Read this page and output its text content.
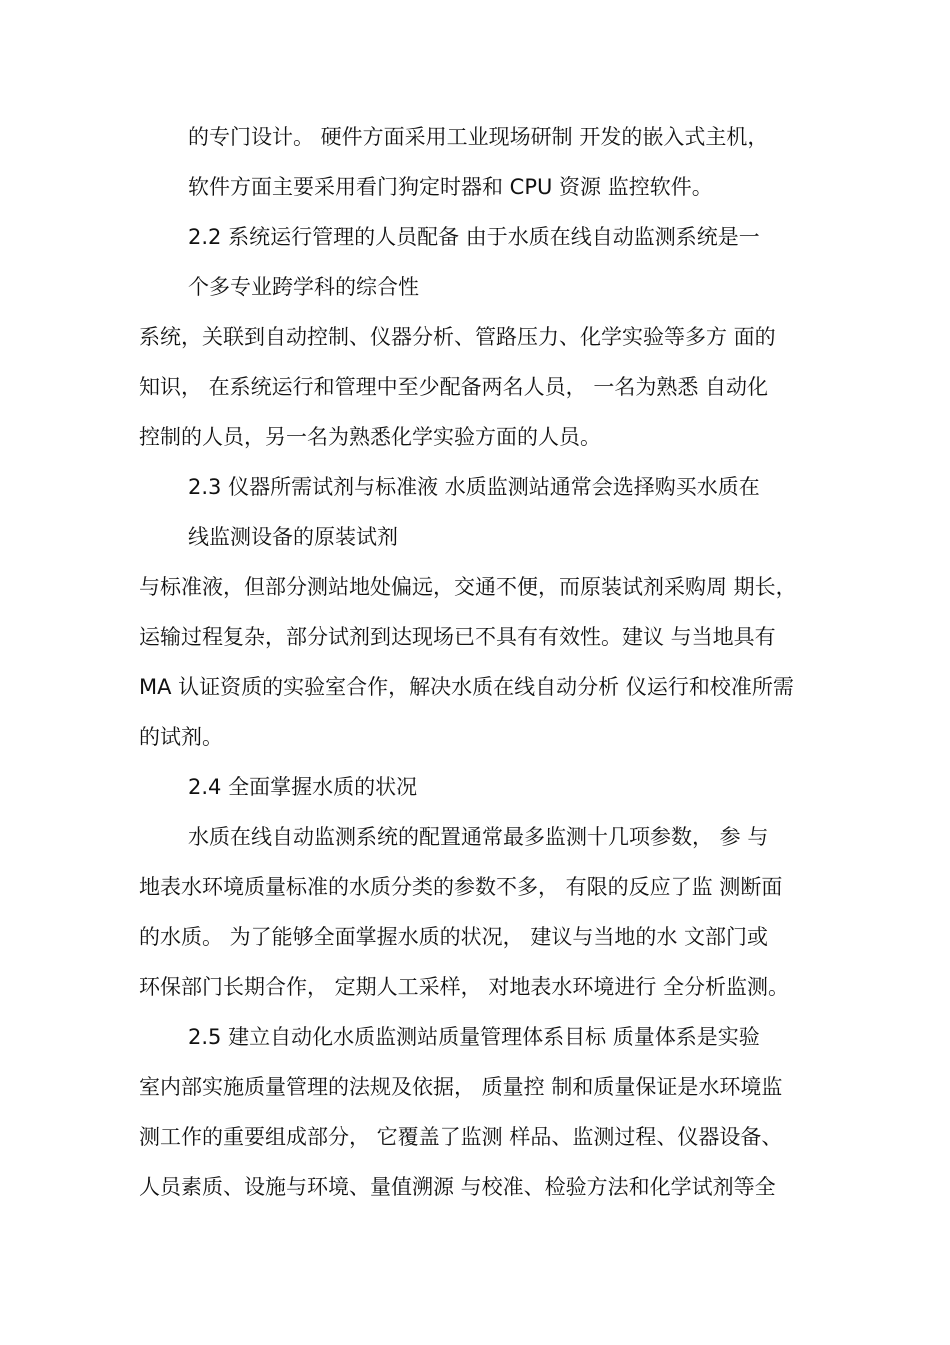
的专门设计。 硬件方面采用工业现场研制 开发的嵌入式主机，
软件方面主要采用看门狗定时器和 CPU 资源 监控软件。
2.2 系统运行管理的人员配备 由于水质在线自动监测系统是一
个多专业跨学科的综合性
系统，关联到自动控制、仪器分析、管路压力、化学实验等多方 面的
知识， 在系统运行和管理中至少配备两名人员， 一名为熟悉 自动化
控制的人员，另一名为熟悉化学实验方面的人员。
2.3 仪器所需试剂与标准液 水质监测站通常会选择购买水质在
线监测设备的原装试剂
与标准液，但部分测站地处偏远，交通不便，而原装试剂采购周 期长，
运输过程复杂，部分试剂到达现场已不具有有效性。建议 与当地具有
MA 认证资质的实验室合作，解决水质在线自动分析 仪运行和校准所需
的试剂。
2.4 全面掌握水质的状况
水质在线自动监测系统的配置通常最多监测十几项参数， 参 与
地表水环境质量标准的水质分类的参数不多， 有限的反应了监 测断面
的水质。 为了能够全面掌握水质的状况， 建议与当地的水 文部门或
环保部门长期合作， 定期人工采样， 对地表水环境进行 全分析监测。
2.5 建立自动化水质监测站质量管理体系目标 质量体系是实验
室内部实施质量管理的法规及依据， 质量控 制和质量保证是水环境监
测工作的重要组成部分， 它覆盖了监测 样品、监测过程、仪器设备、
人员素质、设施与环境、量值溯源 与校准、检验方法和化学试剂等全
